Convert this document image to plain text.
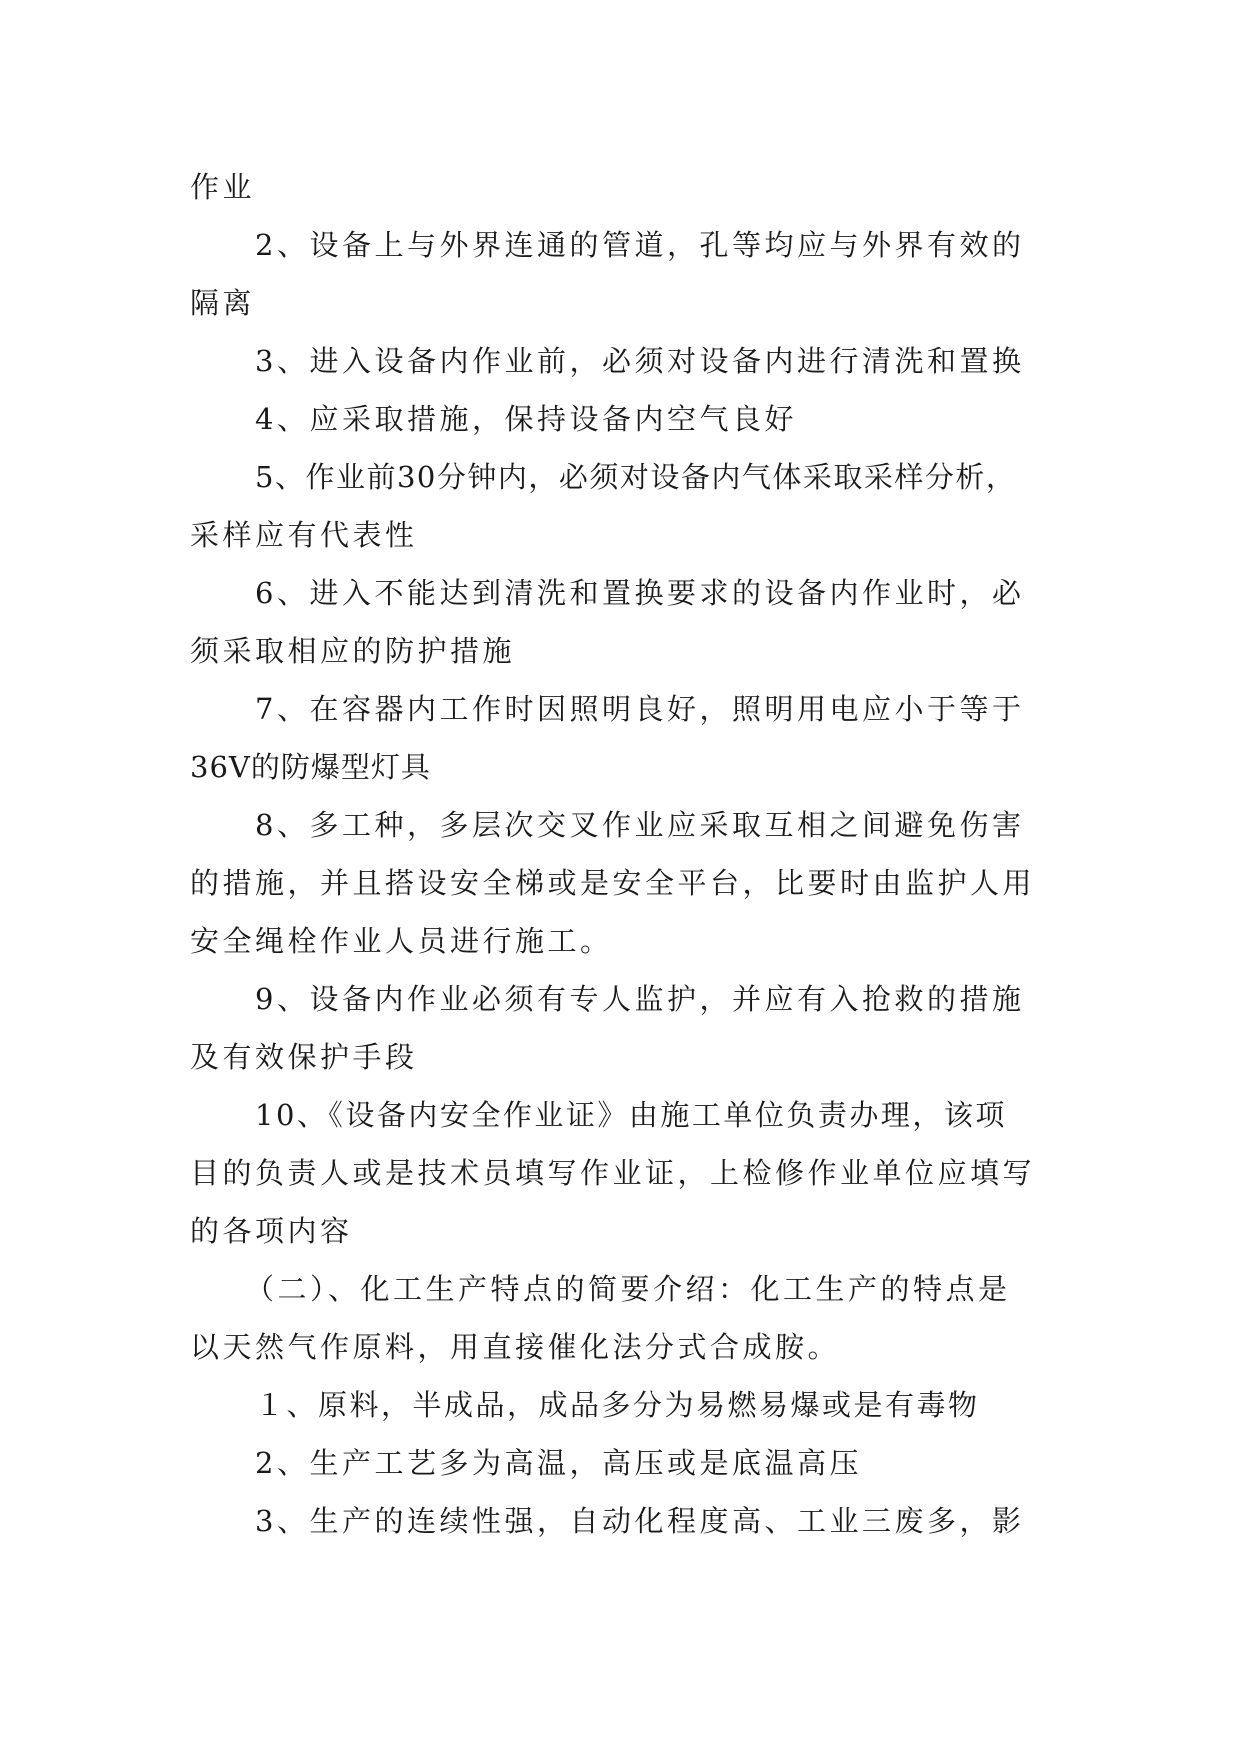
作业
2、设备上与外界连通的管道，孔等均应与外界有效的
隔离
3、进入设备内作业前，必须对设备内进行清洗和置换
4、应采取措施，保持设备内空气良好
5、作业前30分钟内，必须对设备内气体采取采样分析，
采样应有代表性
6、进入不能达到清洗和置换要求的设备内作业时，必
须采取相应的防护措施
7、在容器内工作时因照明良好，照明用电应小于等于
36V的防爆型灯具
8、多工种，多层次交叉作业应采取互相之间避免伤害
的措施，并且搭设安全梯或是安全平台，比要时由监护人用
安全绳栓作业人员进行施工。
9、设备内作业必须有专人监护，并应有入抢救的措施
及有效保护手段
10、《设备内安全作业证》由施工单位负责办理，该项
目的负责人或是技术员填写作业证，上检修作业单位应填写
的各项内容
（二）、化工生产特点的简要介绍：化工生产的特点是
以天然气作原料，用直接催化法分式合成胺。
１、原料，半成品，成品多分为易燃易爆或是有毒物
2、生产工艺多为高温，高压或是底温高压
3、生产的连续性强，自动化程度高、工业三废多，影
